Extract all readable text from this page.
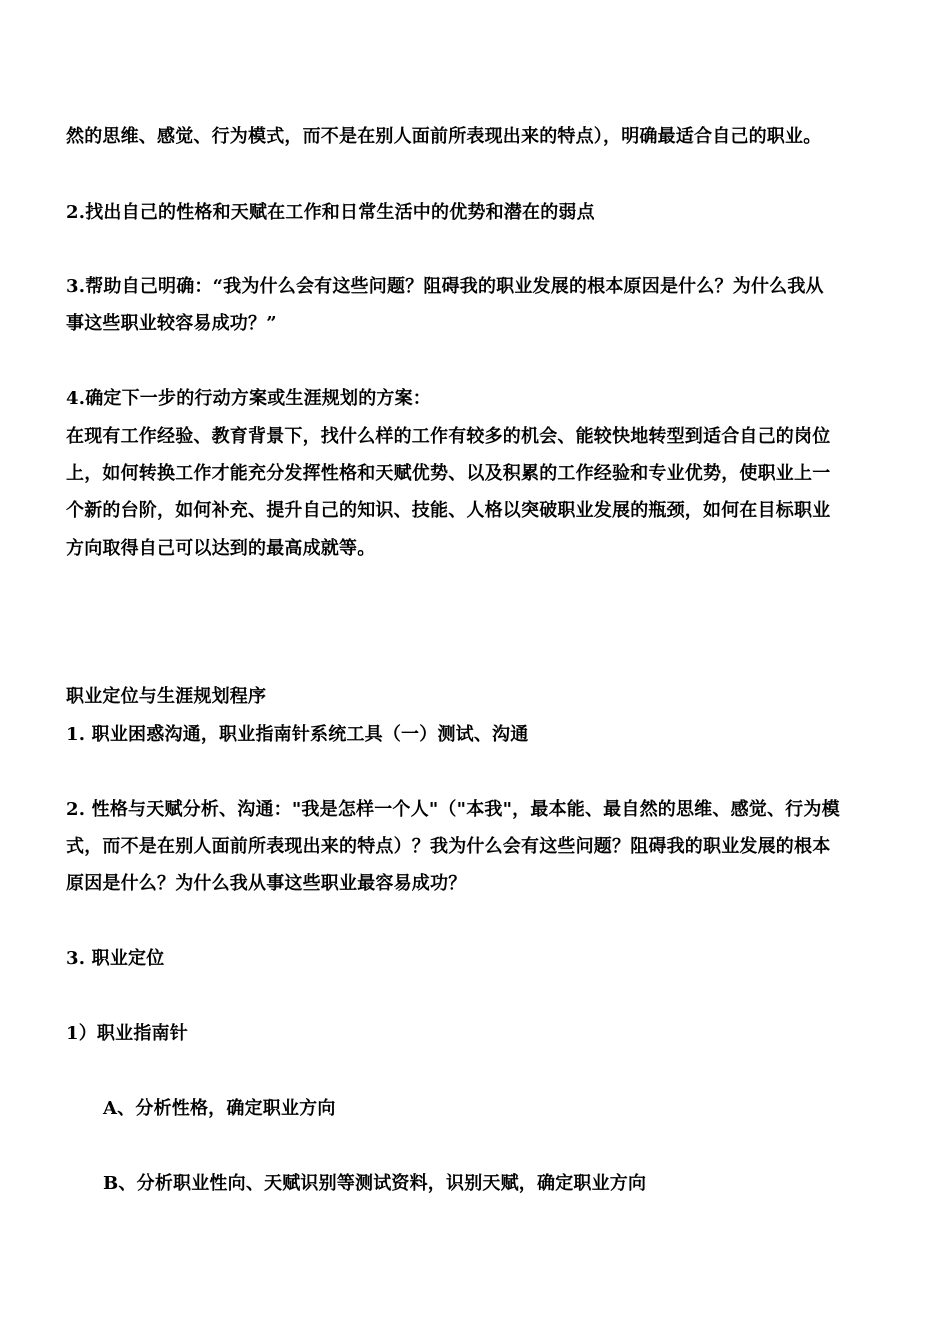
然的思维、感觉、行为模式，而不是在别人面前所表现出来的特点），明确最适合自己的职业。

2.找出自己的性格和天赋在工作和日常生活中的优势和潜在的弱点

3.帮助自己明确：“我为什么会有这些问题？阻碍我的职业发展的根本原因是什么？为什么我从

事这些职业较容易成功？”

4.确定下一步的行动方案或生涯规划的方案：

在现有工作经验、教育背景下，找什么样的工作有较多的机会、能较快地转型到适合自己的岗位

上，如何转换工作才能充分发挥性格和天赋优势、以及积累的工作经验和专业优势，使职业上一

个新的台阶，如何补充、提升自己的知识、技能、人格以突破职业发展的瓶颈，如何在目标职业

方向取得自己可以达到的最高成就等。

职业定位与生涯规划程序

1. 职业困惑沟通，职业指南针系统工具（一）测试、沟通

2. 性格与天赋分析、沟通："我是怎样一个人"（"本我"，最本能、最自然的思维、感觉、行为模

式，而不是在别人面前所表现出来的特点）？我为什么会有这些问题？阻碍我的职业发展的根本

原因是什么？为什么我从事这些职业最容易成功？

3. 职业定位

1）职业指南针

A、分析性格，确定职业方向

B、分析职业性向、天赋识别等测试资料，识别天赋，确定职业方向
